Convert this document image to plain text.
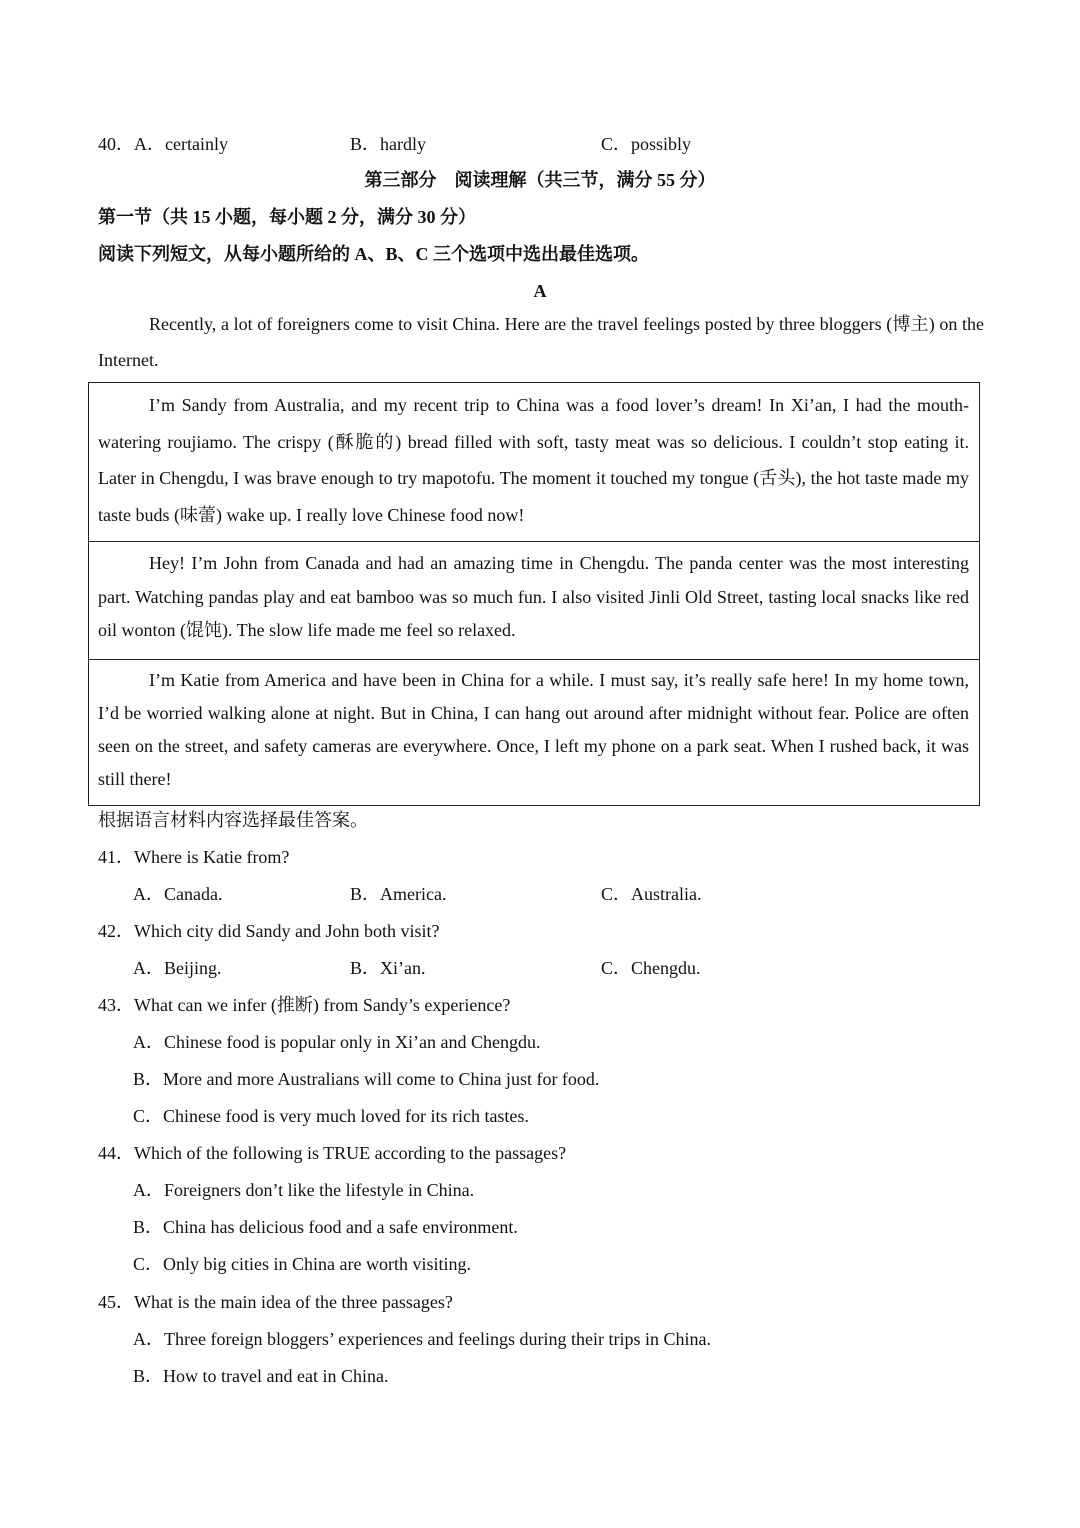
40． A．certainly	B．hardly	C．possibly
第三部分　阅读理解（共三节，满分 55 分）
第一节（共 15 小题，每小题 2 分，满分 30 分）
阅读下列短文，从每小题所给的 A、B、C 三个选项中选出最佳选项。
A
Recently, a lot of foreigners come to visit China. Here are the travel feelings posted by three bloggers (博主) on the Internet.
I’m Sandy from Australia, and my recent trip to China was a food lover’s dream! In Xi’an, I had the mouth-watering roujiamo. The crispy (酥脆的) bread filled with soft, tasty meat was so delicious. I couldn’t stop eating it. Later in Chengdu, I was brave enough to try mapotofu. The moment it touched my tongue (舌头), the hot taste made my taste buds (味蕾) wake up. I really love Chinese food now!
Hey! I’m John from Canada and had an amazing time in Chengdu. The panda center was the most interesting part. Watching pandas play and eat bamboo was so much fun. I also visited Jinli Old Street, tasting local snacks like red oil wonton (馄饨). The slow life made me feel so relaxed.
I’m Katie from America and have been in China for a while. I must say, it’s really safe here! In my home town, I’d be worried walking alone at night. But in China, I can hang out around after midnight without fear. Police are often seen on the street, and safety cameras are everywhere. Once, I left my phone on a park seat. When I rushed back, it was still there!
根据语言材料内容选择最佳答案。
41．Where is Katie from?
A．Canada.	B．America.	C．Australia.
42．Which city did Sandy and John both visit?
A．Beijing.	B．Xi’an.	C．Chengdu.
43．What can we infer (推断) from Sandy’s experience?
A．Chinese food is popular only in Xi’an and Chengdu.
B．More and more Australians will come to China just for food.
C．Chinese food is very much loved for its rich tastes.
44．Which of the following is TRUE according to the passages?
A．Foreigners don’t like the lifestyle in China.
B．China has delicious food and a safe environment.
C．Only big cities in China are worth visiting.
45．What is the main idea of the three passages?
A．Three foreign bloggers’ experiences and feelings during their trips in China.
B．How to travel and eat in China.
